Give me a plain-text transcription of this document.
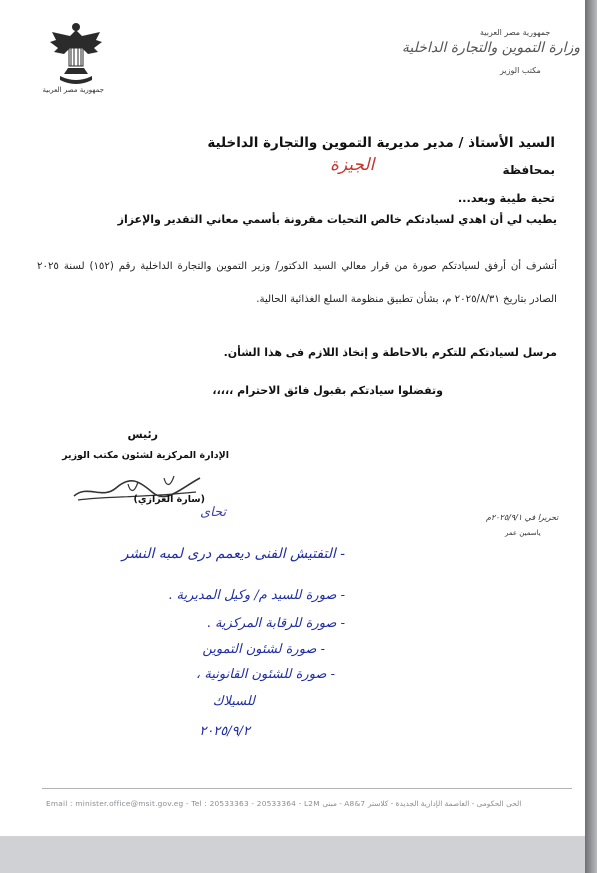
جمهورية مصر العربية
وزارة التموين والتجارة الداخلية
مكتب الوزير
جمهورية مصر العربية
السيد الأستاذ / مدير مديرية التموين والتجارة الداخلية
بمحافظة
الجيزة
تحية طيبة وبعد...
يطيب لي أن اهدي لسيادتكم خالص التحيات مقرونة بأسمي معاني التقدير والإعزاز
أتشرف أن أرفق لسيادتكم صورة من قرار معالي السيد الدكتور/ وزير التموين والتجارة الداخلية رقم (١٥٢) لسنة ٢٠٢٥ الصادر بتاريخ ٢٠٢٥/٨/٣١ م، بشأن تطبيق منظومة السلع الغذائية الحالية.
مرسل لسيادتكم للتكرم بالاحاطة و إتخاذ اللازم فى هذا الشأن.
وتفضلوا سيادتكم بقبول فائق الاحترام ،،،،،
رئيس
الإدارة المركزية لشئون مكتب الوزير
(سارة العزازي)
تحای	تحريرا في ٢٠٢٥/٩/١م
ياسمين عمر
- التفتيش الفنى ديعمم درى لمبه النشر
- صورة للسيد م/ وكيل المديرية .
- صورة للرقابة المركزية .
- صورة لشئون التموين
- صورة للشئون القانونية ،
للسيلاك
٢٠٢٥/٩/٢
Email : minister.office@msit.gov.eg - Tel : 20533363 - 20533364 - L2M مبنى - A8&7 الحى الحكومى - العاصمة الإدارية الجديدة - كلاستر
